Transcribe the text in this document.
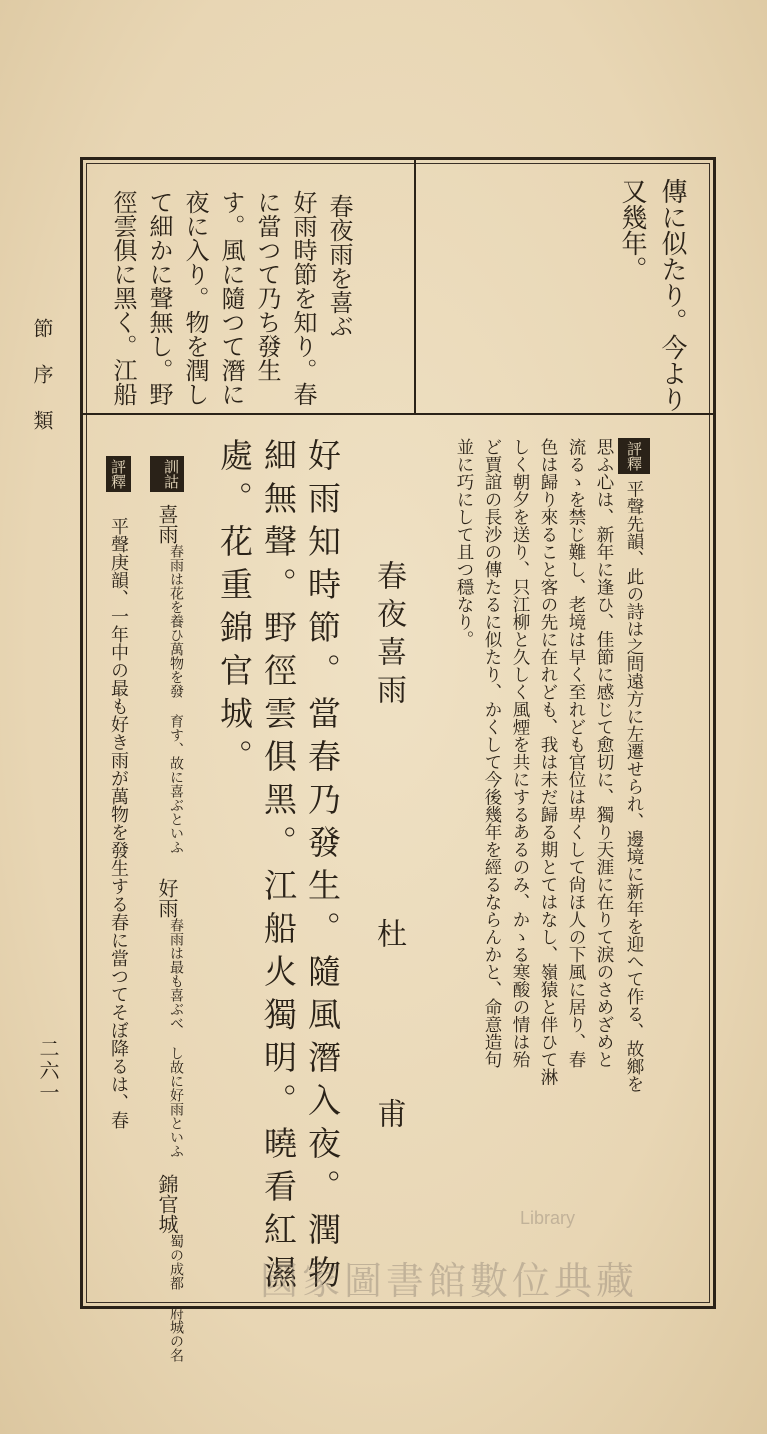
節序類
二六一
傳に似たり。今より
又幾年。
春夜雨を喜ぶ
好雨時節を知り。春
に當つて乃ち發生
す。風に隨つて潛に
夜に入り。物を潤し
て細かに聲無し。野
徑雲俱に黑く。江船
評釋平聲先韻、此の詩は之問遠方に左遷せられ、邊境に新年を迎へて作る、故鄉を
思ふ心は、新年に逢ひ、佳節に感じて愈切に、獨り天涯に在りて淚のさめざめと
流るゝを禁じ難し、老境は早く至れども官位は卑くして尙ほ人の下風に居り、春
色は歸り來ること客の先に在れども、我は未だ歸る期とてはなし、嶺猿と伴ひて淋
しく朝夕を送り、只江柳と久しく風煙を共にするあるのみ、かゝる寒酸の情は殆
ど賈誼の長沙の傳たるに似たり、かくして今後幾年を經るならんかと、命意造句
並に巧にして且つ穩なり。
春夜喜雨
杜　甫
好雨知時節。當春乃發生。隨風潛入夜。潤物
細無聲。野徑雲俱黑。江船火獨明。曉看紅濕
處。花重錦官城。
訓詁
喜雨
春雨は花を養ひ萬物を發 育す、故に喜ぶといふ
好雨
春雨は最も喜ぶべ し故に好雨といふ
錦官城
蜀の成都 府城の名
評釋 平聲庚韻、一年中の最も好き雨が萬物を發生する春に當つてそぼ降るは、春
國家圖書館數位典藏
Library
